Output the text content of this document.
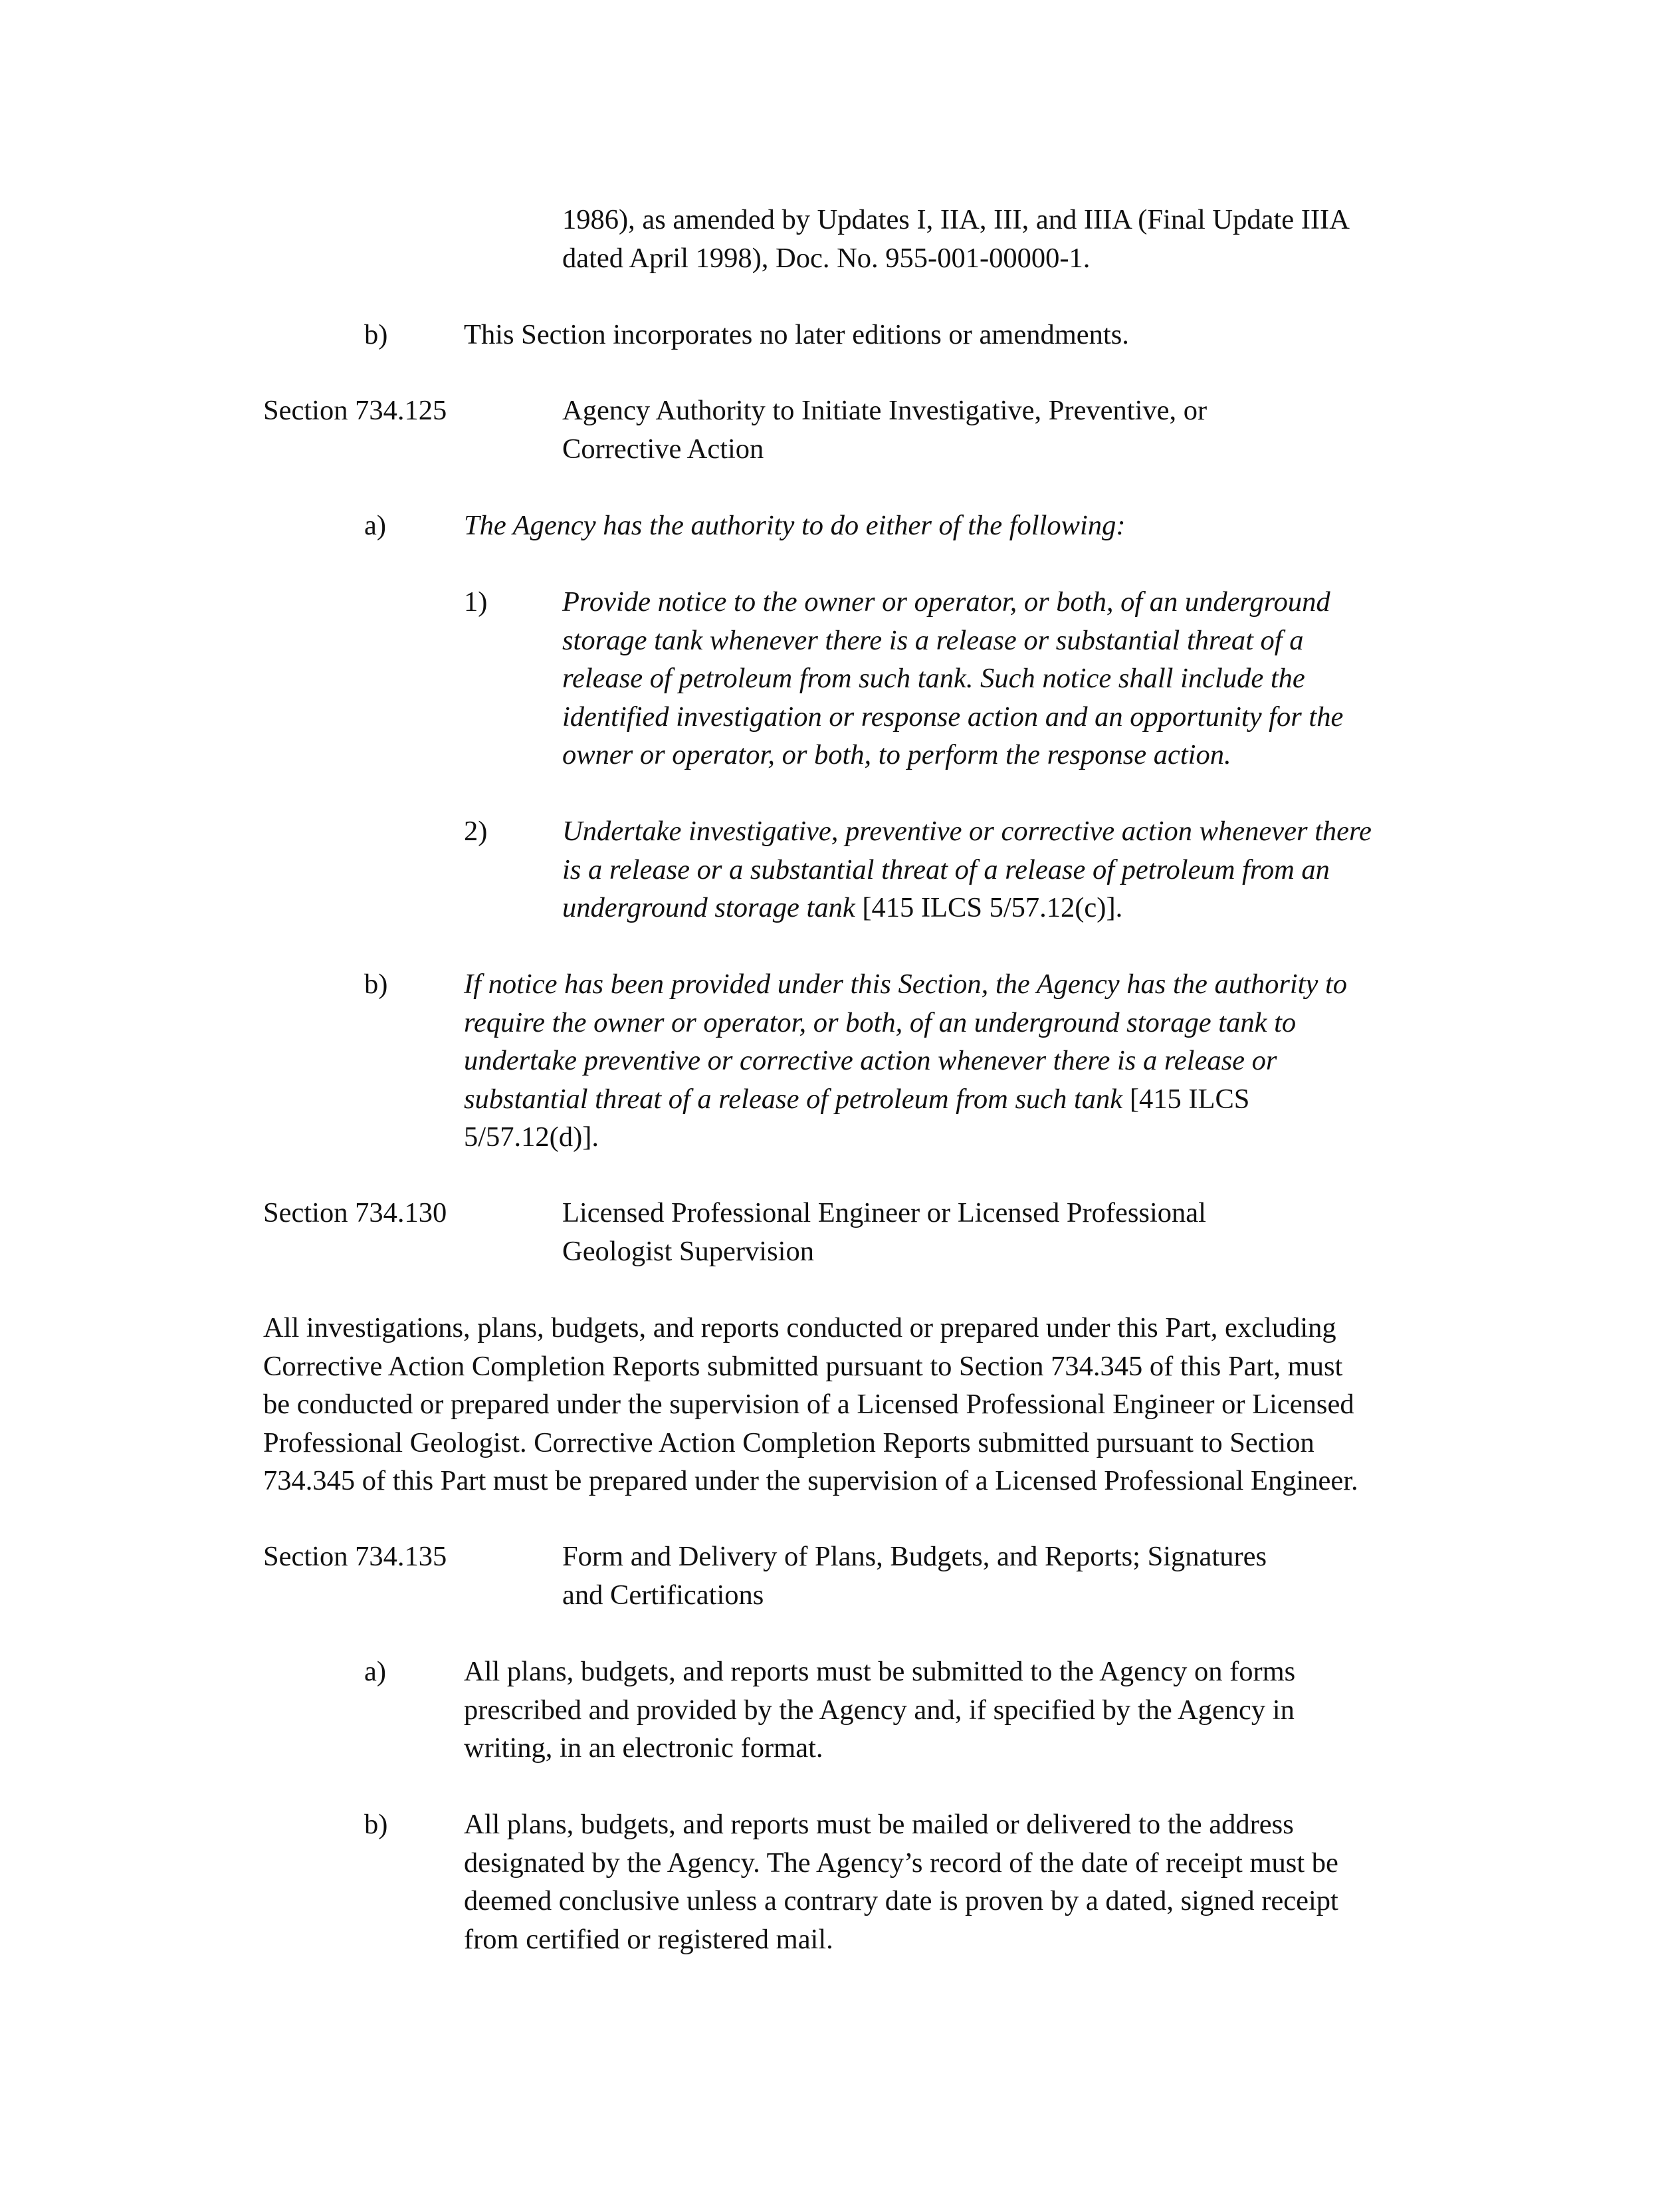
1986), as amended by Updates I, IIA, III, and IIIA (Final Update IIIA
dated April 1998), Doc. No. 955-001-00000-1.
b)	This Section incorporates no later editions or amendments.
Section 734.125	Agency Authority to Initiate Investigative, Preventive, or
Corrective Action
a)	The Agency has the authority to do either of the following:
1)	Provide notice to the owner or operator, or both, of an underground
storage tank whenever there is a release or substantial threat of a
release of petroleum from such tank. Such notice shall include the
identified investigation or response action and an opportunity for the
owner or operator, or both, to perform the response action.
2)	Undertake investigative, preventive or corrective action whenever there
is a release or a substantial threat of a release of petroleum from an
underground storage tank [415 ILCS 5/57.12(c)].
b)	If notice has been provided under this Section, the Agency has the authority to
require the owner or operator, or both, of an underground storage tank to
undertake preventive or corrective action whenever there is a release or
substantial threat of a release of petroleum from such tank [415 ILCS
5/57.12(d)].
Section 734.130	Licensed Professional Engineer or Licensed Professional
Geologist Supervision
All investigations, plans, budgets, and reports conducted or prepared under this Part, excluding
Corrective Action Completion Reports submitted pursuant to Section 734.345 of this Part, must
be conducted or prepared under the supervision of a Licensed Professional Engineer or Licensed
Professional Geologist. Corrective Action Completion Reports submitted pursuant to Section
734.345 of this Part must be prepared under the supervision of a Licensed Professional Engineer.
Section 734.135	Form and Delivery of Plans, Budgets, and Reports; Signatures
and Certifications
a)	All plans, budgets, and reports must be submitted to the Agency on forms
prescribed and provided by the Agency and, if specified by the Agency in
writing, in an electronic format.
b)	All plans, budgets, and reports must be mailed or delivered to the address
designated by the Agency. The Agency’s record of the date of receipt must be
deemed conclusive unless a contrary date is proven by a dated, signed receipt
from certified or registered mail.
